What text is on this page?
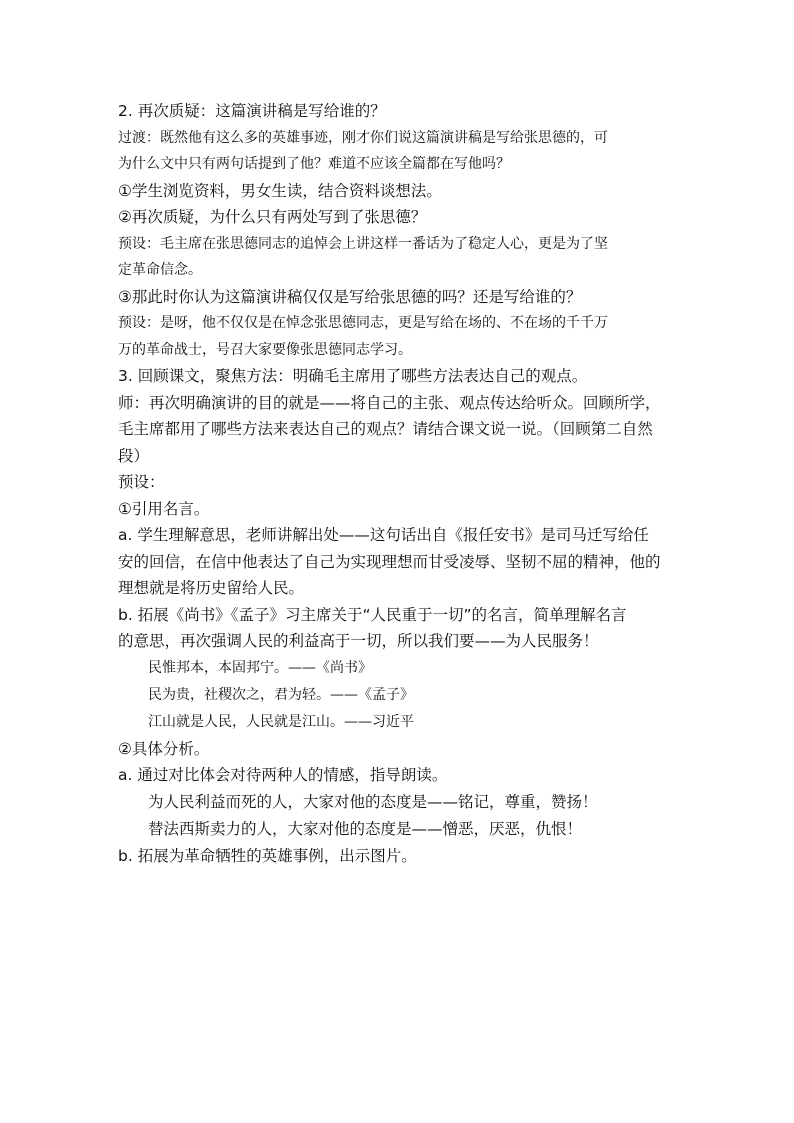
2. 再次质疑：这篇演讲稿是写给谁的？

过渡：既然他有这么多的英雄事迹，刚才你们说这篇演讲稿是写给张思德的，可

为什么文中只有两句话提到了他？难道不应该全篇都在写他吗？

①学生浏览资料，男女生读，结合资料谈想法。

②再次质疑，为什么只有两处写到了张思德？

预设：毛主席在张思德同志的追悼会上讲这样一番话为了稳定人心，更是为了坚

定革命信念。

③那此时你认为这篇演讲稿仅仅是写给张思德的吗？还是写给谁的？

预设：是呀，他不仅仅是在悼念张思德同志，更是写给在场的、不在场的千千万

万的革命战士，号召大家要像张思德同志学习。

3. 回顾课文，聚焦方法：明确毛主席用了哪些方法表达自己的观点。

师：再次明确演讲的目的就是——将自己的主张、观点传达给听众。回顾所学，

毛主席都用了哪些方法来表达自己的观点？请结合课文说一说。（回顾第二自然

段）

预设：

①引用名言。

a. 学生理解意思，老师讲解出处——这句话出自《报任安书》是司马迁写给任

安的回信，在信中他表达了自己为实现理想而甘受凌辱、坚韧不屈的精神，他的

理想就是将历史留给人民。

b. 拓展《尚书》《孟子》习主席关于“人民重于一切”的名言，简单理解名言

的意思，再次强调人民的利益高于一切，所以我们要——为人民服务！

民惟邦本，本固邦宁。——《尚书》

民为贵，社稷次之，君为轻。——《孟子》

江山就是人民，人民就是江山。——习近平

②具体分析。

a. 通过对比体会对待两种人的情感，指导朗读。

为人民利益而死的人，大家对他的态度是——铭记，尊重，赞扬！

替法西斯卖力的人，大家对他的态度是——憎恶，厌恶，仇恨！

b. 拓展为革命牺牲的英雄事例，出示图片。
